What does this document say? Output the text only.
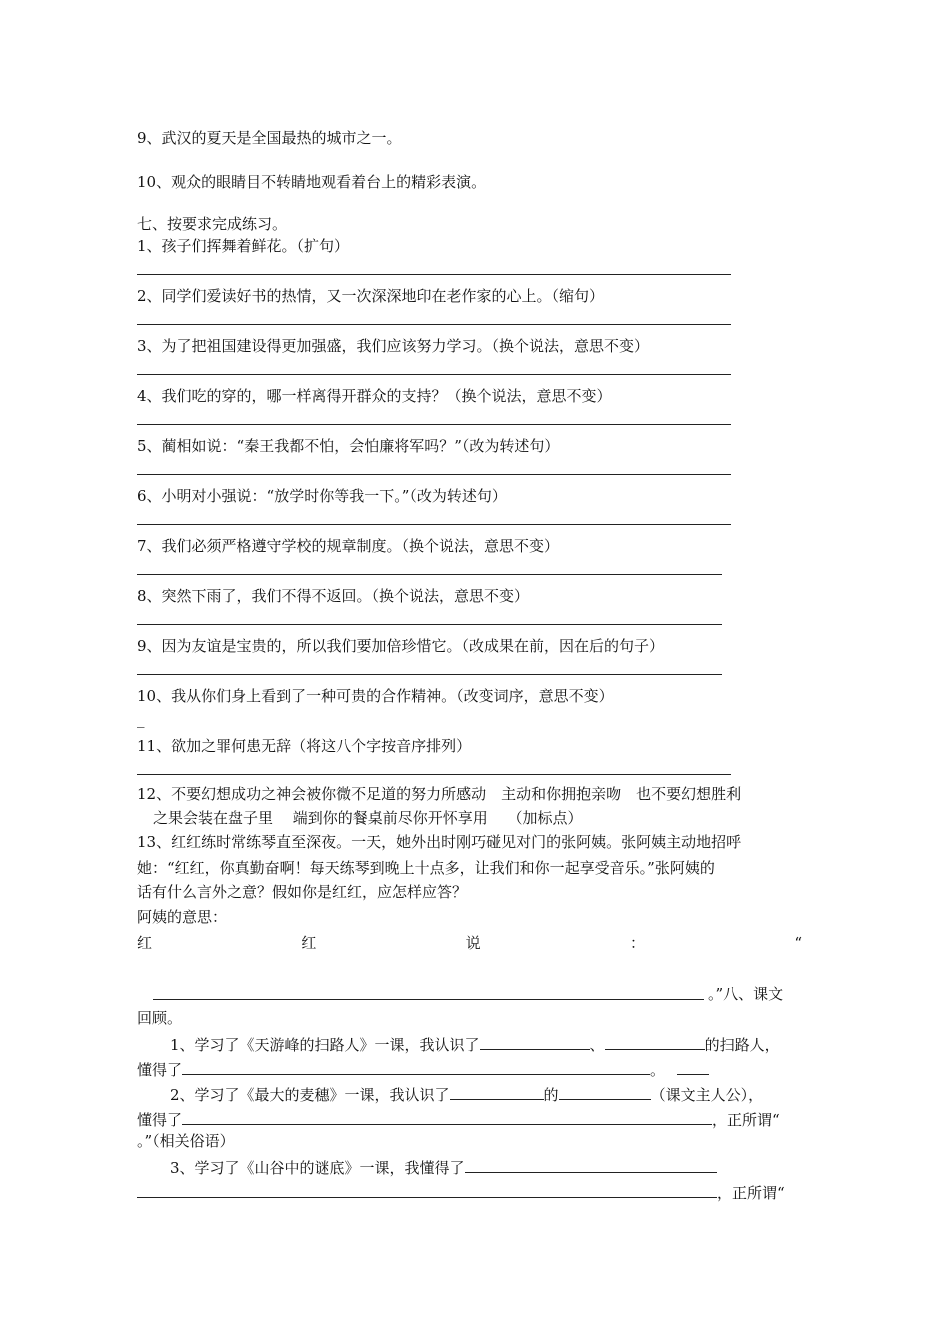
9、武汉的夏天是全国最热的城市之一。
10、观众的眼睛目不转睛地观看着台上的精彩表演。
七、按要求完成练习。
1、孩子们挥舞着鲜花。（扩句）
2、同学们爱读好书的热情，又一次深深地印在老作家的心上。（缩句）
3、为了把祖国建设得更加强盛，我们应该努力学习。（换个说法，意思不变）
4、我们吃的穿的，哪一样离得开群众的支持？（换个说法，意思不变）
5、蔺相如说：“秦王我都不怕，会怕廉将军吗？”（改为转述句）
6、小明对小强说：“放学时你等我一下。”（改为转述句）
7、我们必须严格遵守学校的规章制度。（换个说法，意思不变）
8、突然下雨了，我们不得不返回。（换个说法，意思不变）
9、因为友谊是宝贵的，所以我们要加倍珍惜它。（改成果在前，因在后的句子）
10、我从你们身上看到了一种可贵的合作精神。（改变词序，意思不变）
_
11、欲加之罪何患无辞（将这八个字按音序排列）
12、不要幻想成功之神会被你微不足道的努力所感动　主动和你拥抱亲吻　也不要幻想胜利
之果会装在盘子里　 端到你的餐桌前尽你开怀享用　 （加标点）
13、红红练时常练琴直至深夜。一天，她外出时刚巧碰见对门的张阿姨。张阿姨主动地招呼
她：“红红，你真勤奋啊！每天练琴到晚上十点多，让我们和你一起享受音乐。”张阿姨的
话有什么言外之意？假如你是红红，应怎样应答？
阿姨的意思：
红	红	说	：	“
。”八、课文
回顾。
1、学习了《天游峰的扫路人》一课，我认识了	、	的扫路人，
懂得了	。
2、学习了《最大的麦穗》一课，我认识了	的	（课文主人公），
懂得了	，正所谓“
。”（相关俗语）
3、学习了《山谷中的谜底》一课，我懂得了
，正所谓“
